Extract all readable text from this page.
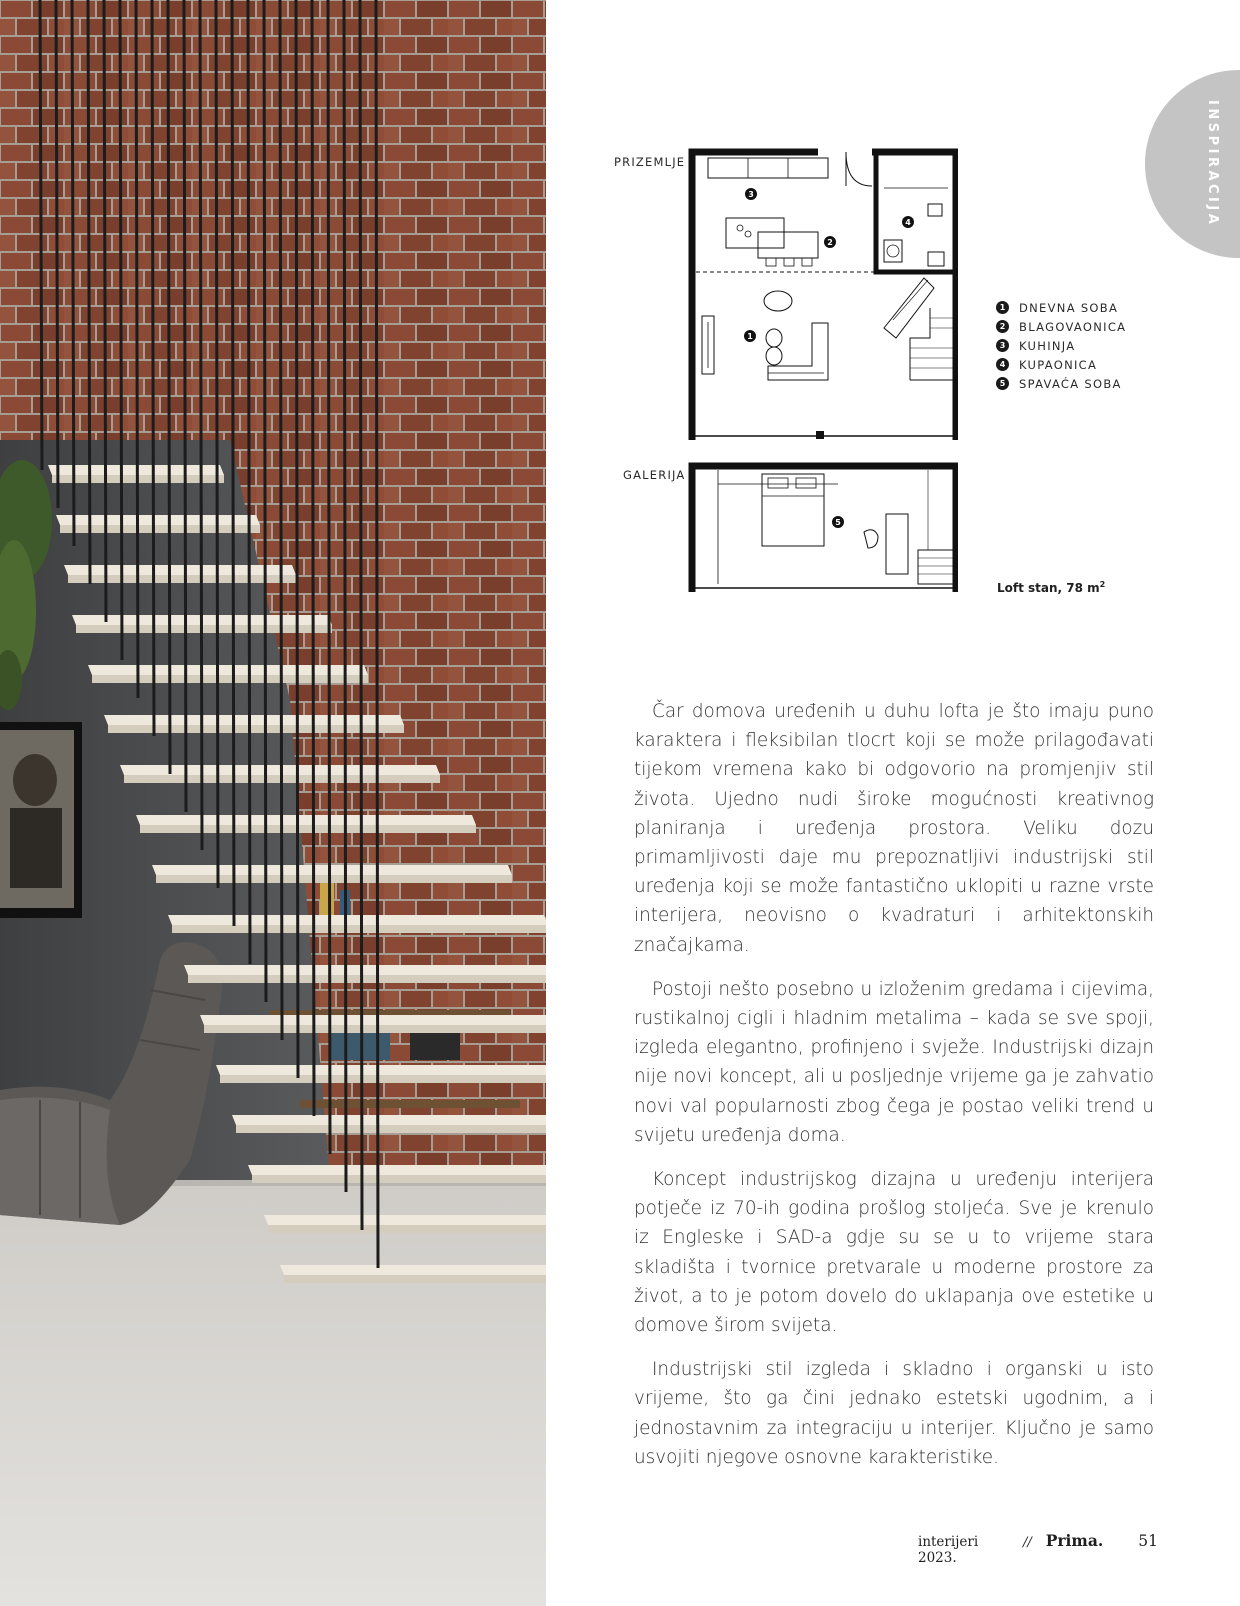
INSPIRACIJA
PRIZEMLJE
GALERIJA
1
2
3
4
5
1	DNEVNA SOBA
2	BLAGOVAONICA
3	KUHINJA
4	KUPAONICA
5	SPAVAĆA SOBA
Loft stan, 78 $m^2$

Čar domova uređenih u duhu lofta je što imaju puno karaktera i fleksibilan tlocrt koji se može prilagođavati tijekom vremena kako bi odgovorio na promjenjiv stil života. Ujedno nudi široke mogućnosti kreativnog planiranja i uređenja prostora. Veliku dozu primamljivosti daje mu prepoznatljivi industrijski stil uređenja koji se može fantastično uklopiti u razne vrste interijera, neovisno o kvadraturi i arhitektonskih značajkama.

Postoji nešto posebno u izloženim gredama i cijevima, rustikalnoj cigli i hladnim metalima – kada se sve spoji, izgleda elegantno, profinjeno i svježe. Industrijski dizajn nije novi koncept, ali u posljednje vrijeme ga je zahvatio novi val popularnosti zbog čega je postao veliki trend u svijetu uređenja doma.

Koncept industrijskog dizajna u uređenju interijera potječe iz 70-ih godina prošlog stoljeća. Sve je krenulo iz Engleske i SAD-a gdje su se u to vrijeme stara skladišta i tvornice pretvarale u moderne prostore za život, a to je potom dovelo do uklapanja ove estetike u domove širom svijeta.

Industrijski stil izgleda i skladno i organski u isto vrijeme, što ga čini jednako estetski ugodnim, a i jednostavnim za integraciju u interijer. Ključno je samo usvojiti njegove osnovne karakteristike.

interijeri 2023.
// Prima. 51
